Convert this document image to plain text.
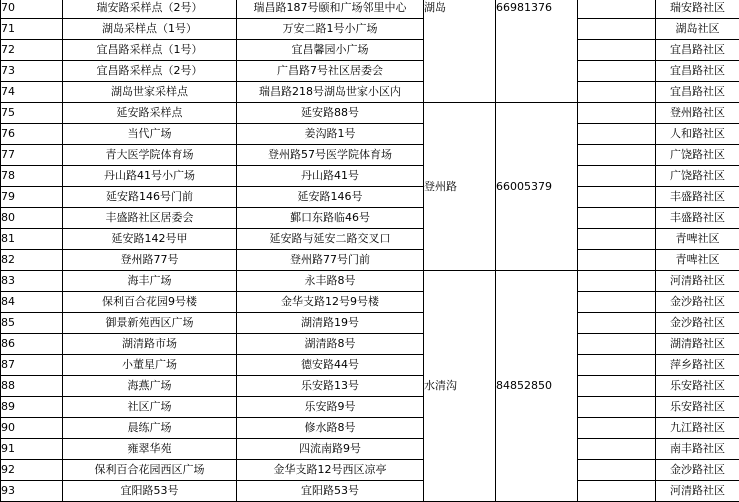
70	瑞安路采样点（2号）	瑞昌路187号颐和广场邻里中心	湖岛	66981376		瑞安路社区
71	湖岛采样点（1号）	万安二路1号小广场				湖岛社区
72	宜昌路采样点（1号）	宜昌馨园小广场				宜昌路社区
73	宜昌路采样点（2号）	广昌路7号社区居委会				宜昌路社区
74	湖岛世家采样点	瑞昌路218号湖岛世家小区内				宜昌路社区
75	延安路采样点	延安路88号	登州路	66005379		登州路社区
76	当代广场	姜沟路1号				人和路社区
77	青大医学院体育场	登州路57号医学院体育场				广饶路社区
78	丹山路41号小广场	丹山路41号				广饶路社区
79	延安路146号门前	延安路146号				丰盛路社区
80	丰盛路社区居委会	鄞口东路临46号				丰盛路社区
81	延安路142号甲	延安路与延安二路交叉口				青啤社区
82	登州路77号	登州路77号门前				青啤社区
83	海丰广场	永丰路8号	水清沟	84852850		河清路社区
84	保利百合花园9号楼	金华支路12号9号楼				金沙路社区
85	御景新苑西区广场	湖清路19号				金沙路社区
86	湖清路市场	湖清路8号				湖清路社区
87	小董星广场	德安路44号				萍乡路社区
88	海燕广场	乐安路13号				乐安路社区
89	社区广场	乐安路9号				乐安路社区
90	晨练广场	修水路8号				九江路社区
91	雍翠华苑	四流南路9号				南丰路社区
92	保利百合花园西区广场	金华支路12号西区凉亭				金沙路社区
93	宜阳路53号	宜阳路53号				河清路社区
